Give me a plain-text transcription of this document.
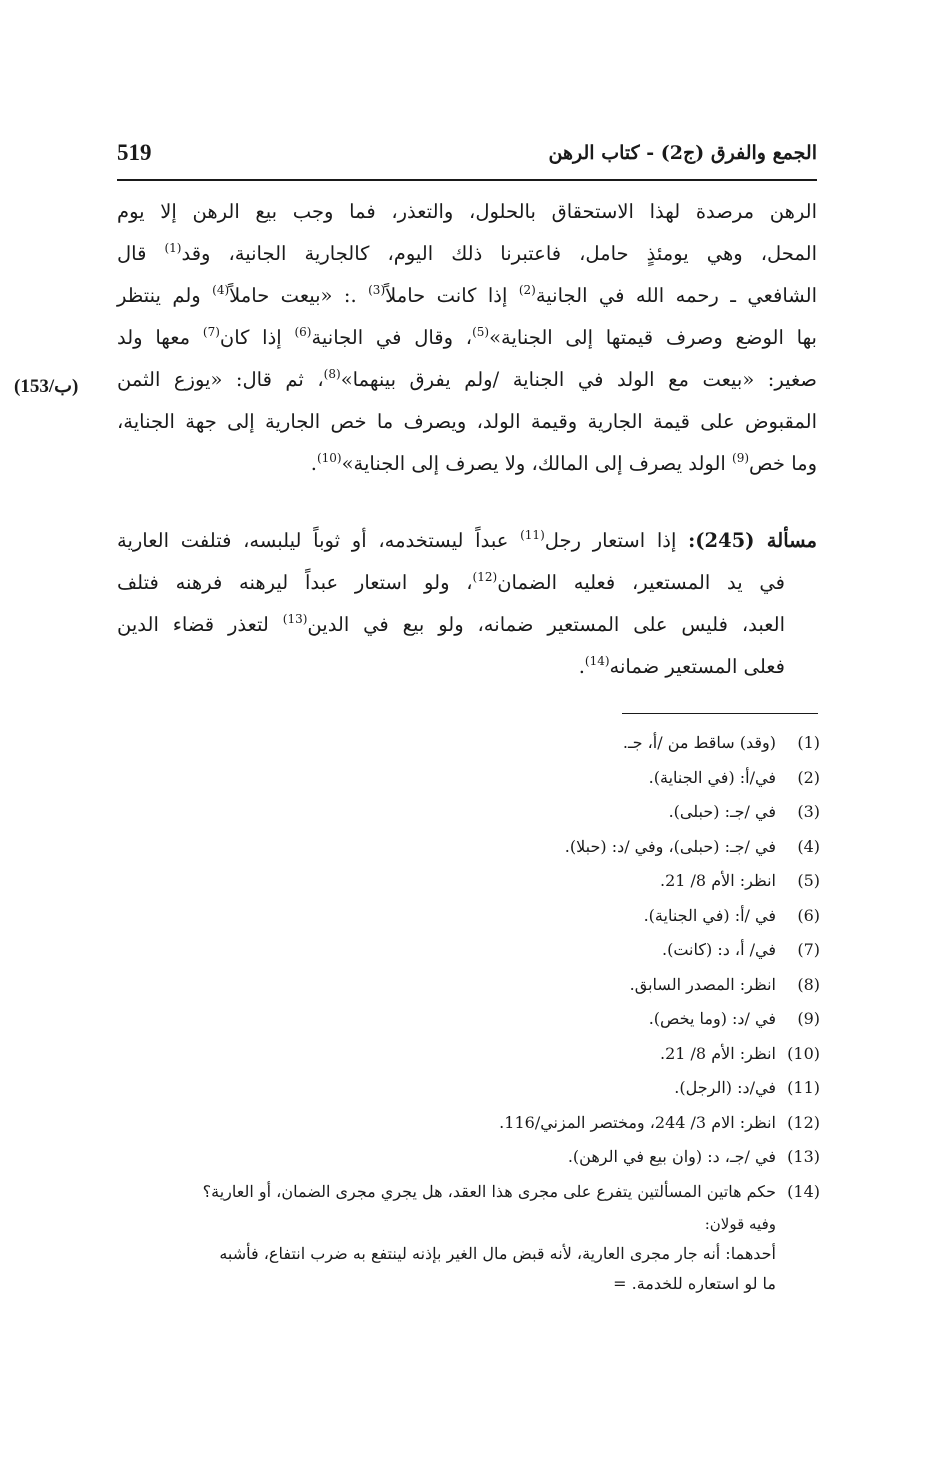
519	الجمع والفرق (ج2) - كتاب الرهن
(153/ب)
الرهن مرصدة لهذا الاستحقاق بالحلول، والتعذر، فما وجب بيع الرهن إلا يوم
المحل، وهي يومئذٍ حامل، فاعتبرنا ذلك اليوم، كالجارية الجانية، وقد$^{(1)}$ قال
الشافعي ـ رحمه الله في الجانية$^{(2)}$ إذا كانت حاملاً$^{(3)}$ .: «بيعت حاملاً$^{(4)}$ ولم ينتظر
بها الوضع وصرف قيمتها إلى الجناية»$^{(5)}$، وقال في الجانية$^{(6)}$ إذا كان$^{(7)}$ معها ولد
صغير: «بيعت مع الولد في الجناية /ولم يفرق بينهما»$^{(8)}$، ثم قال: «يوزع الثمن
المقبوض على قيمة الجارية وقيمة الولد، ويصرف ما خص الجارية إلى جهة الجناية،
وما خص$^{(9)}$ الولد يصرف إلى المالك، ولا يصرف إلى الجناية»$^{(10)}$.
مسألة (245): إذا استعار رجل$^{(11)}$ عبداً ليستخدمه، أو ثوباً ليلبسه، فتلفت العارية
في يد المستعير، فعليه الضمان$^{(12)}$، ولو استعار عبداً ليرهنه فرهنه فتلف
العبد، فليس على المستعير ضمانه، ولو بيع في الدين$^{(13)}$ لتعذر قضاء الدين
فعلى المستعير ضمانه$^{(14)}$.
(1)
(وقد) ساقط من /أ، جـ.
(2)
في/أ: (في الجناية).
(3)
في /جـ: (حبلى).
(4)
في /جـ: (حبلى)، وفي /د: (حبلا).
(5)
انظر: الأم 8/ 21.
(6)
في /أ: (في الجناية).
(7)
في/ أ، د: (كانت).
(8)
انظر: المصدر السابق.
(9)
في /د: (وما يخص).
(10)
انظر: الأم 8/ 21.
(11)
في/د: (الرجل).
(12)
انظر: الام 3/ 244، ومختصر المزني/116.
(13)
في /جـ، د: (وان بيع في الرهن).
(14)
حكم هاتين المسألتين يتفرع على مجرى هذا العقد، هل يجري مجرى الضمان، أو العارية؟
وفيه قولان:
أحدهما: أنه جار مجرى العارية، لأنه قبض مال الغير بإذنه لينتفع به ضرب انتفاع، فأشبه
ما لو استعاره للخدمة. =
